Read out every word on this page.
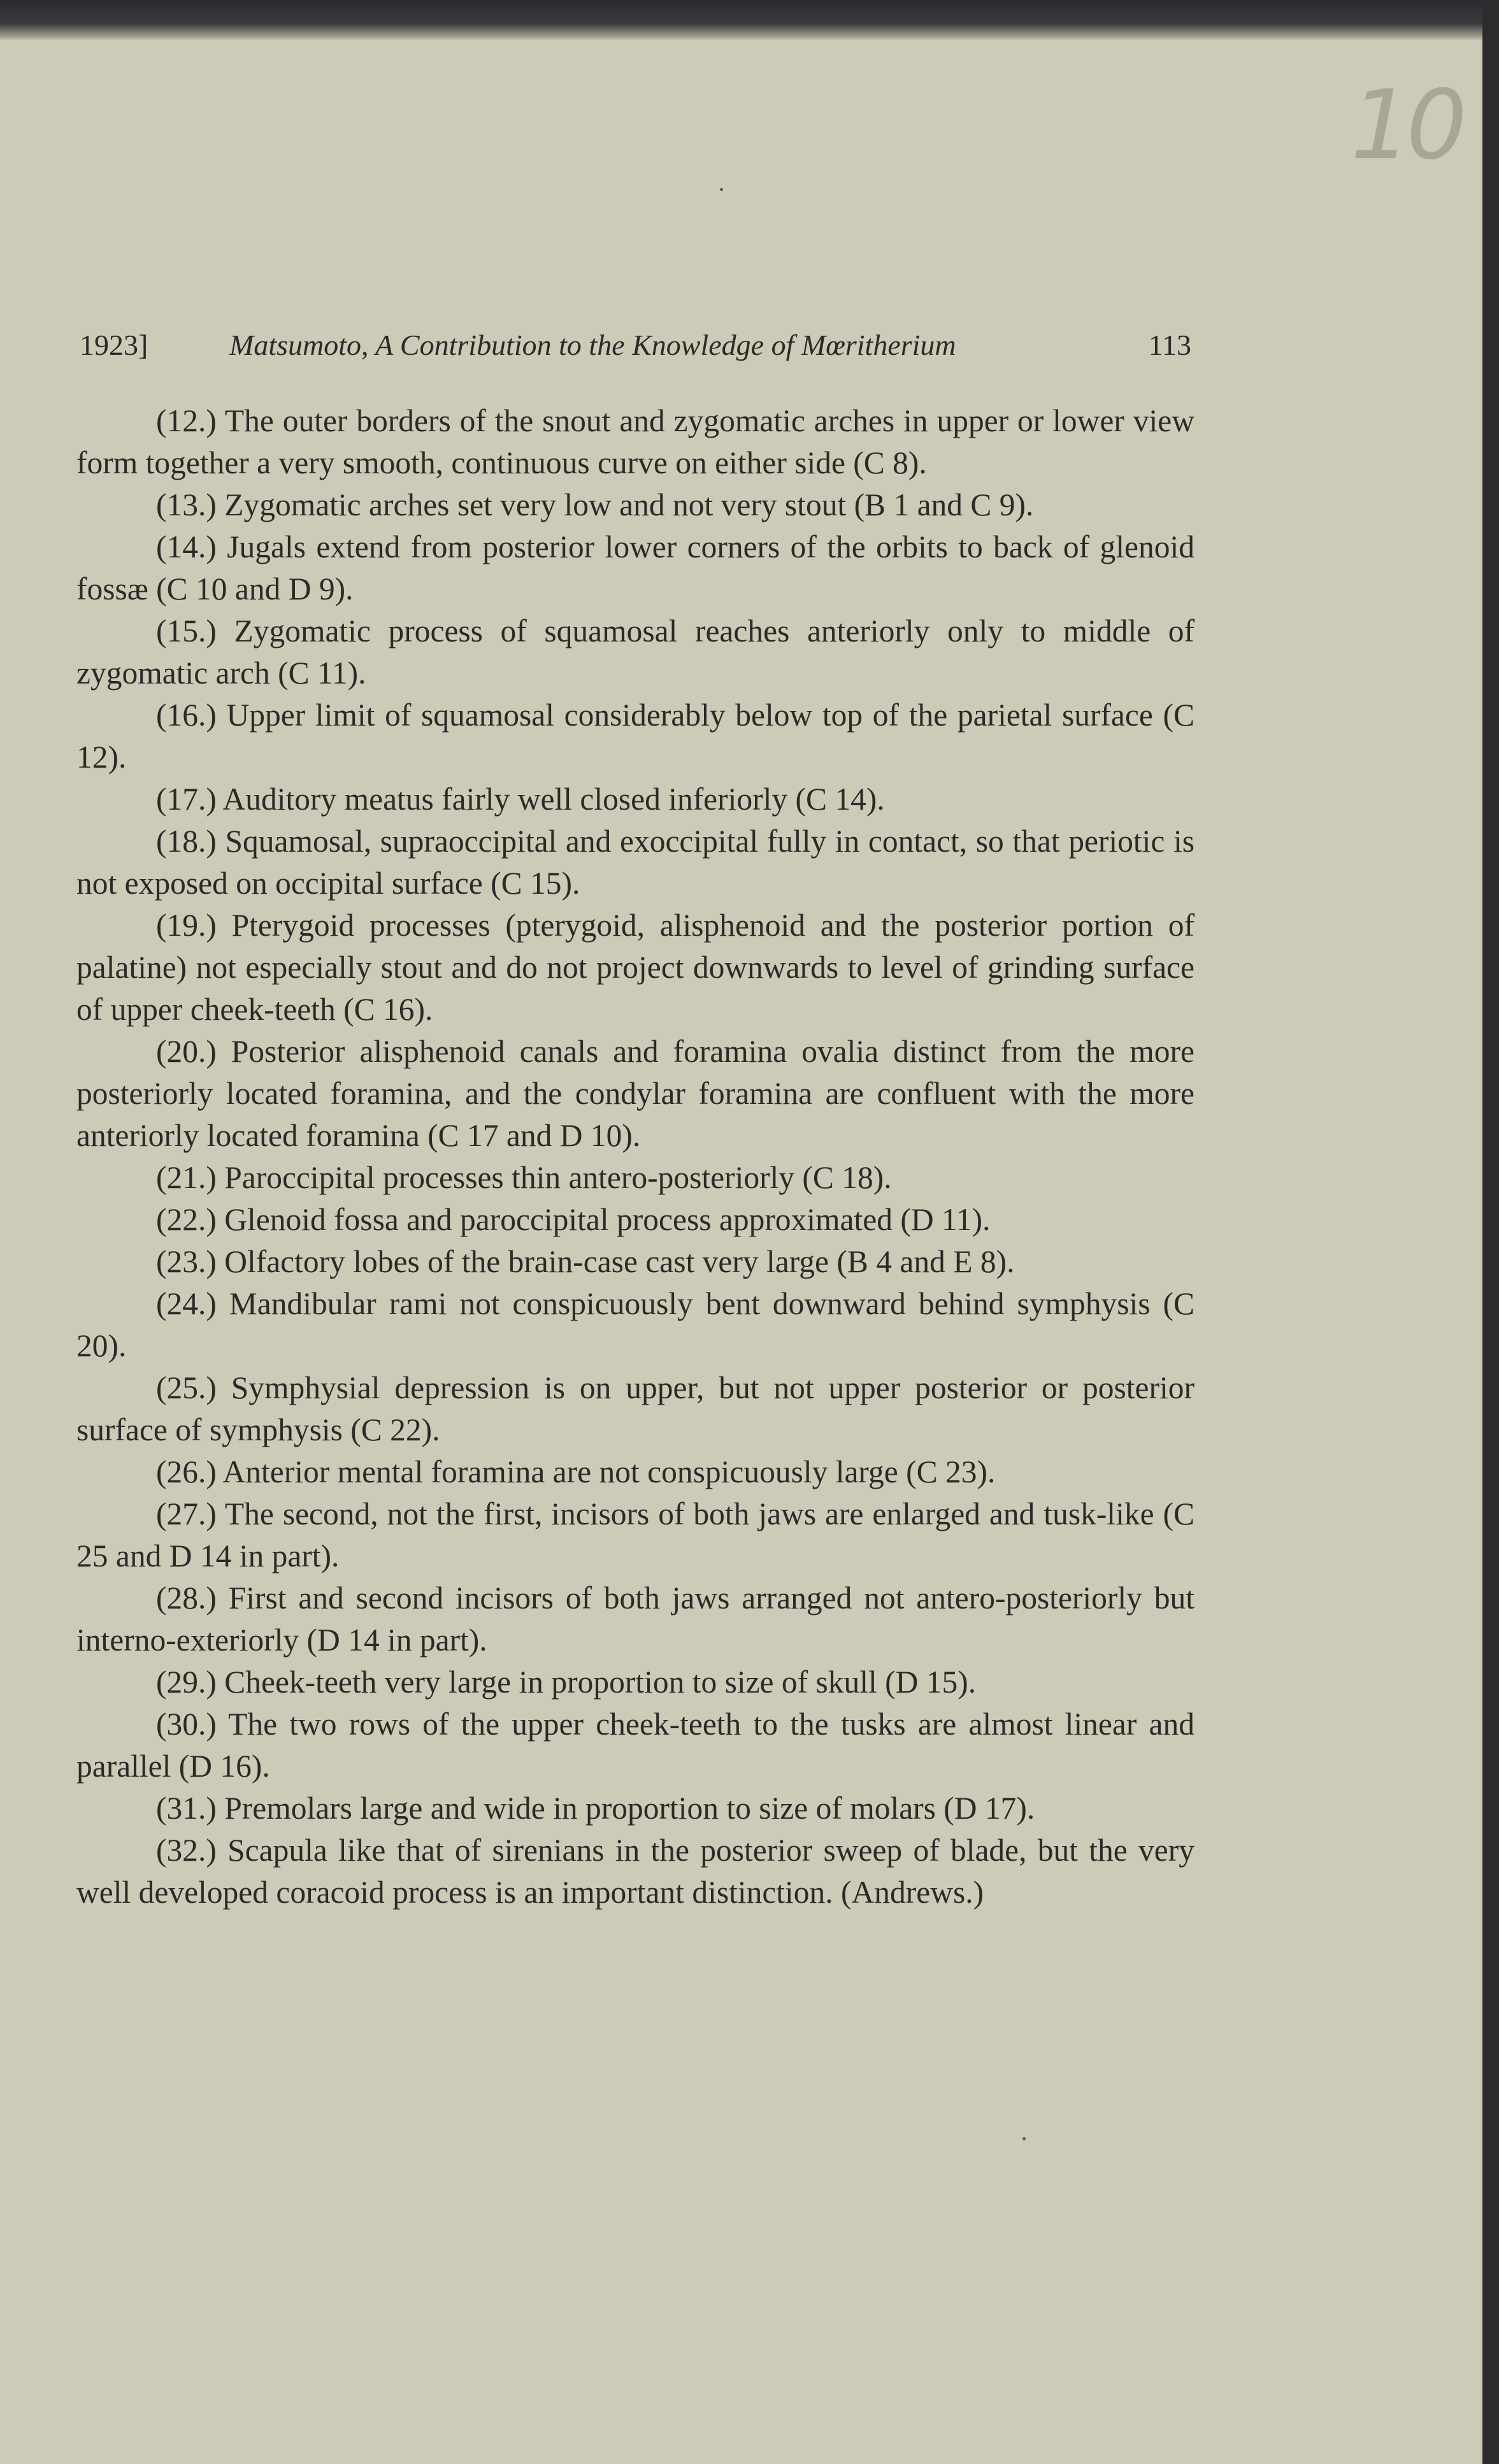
10
1923]	Matsumoto, A Contribution to the Knowledge of Mœritherium	113

(12.) The outer borders of the snout and zygomatic arches in upper or lower view form together a very smooth, continuous curve on either side (C 8).

(13.) Zygomatic arches set very low and not very stout (B 1 and C 9).

(14.) Jugals extend from posterior lower corners of the orbits to back of glenoid fossæ (C 10 and D 9).

(15.) Zygomatic process of squamosal reaches anteriorly only to middle of zygomatic arch (C 11).

(16.) Upper limit of squamosal considerably below top of the parietal surface (C 12).

(17.) Auditory meatus fairly well closed inferiorly (C 14).

(18.) Squamosal, supraoccipital and exoccipital fully in contact, so that periotic is not exposed on occipital surface (C 15).

(19.) Pterygoid processes (pterygoid, alisphenoid and the posterior portion of palatine) not especially stout and do not project downwards to level of grinding surface of upper cheek-teeth (C 16).

(20.) Posterior alisphenoid canals and foramina ovalia distinct from the more posteriorly located foramina, and the condylar foramina are confluent with the more anteriorly located foramina (C 17 and D 10).

(21.) Paroccipital processes thin antero-posteriorly (C 18).

(22.) Glenoid fossa and paroccipital process approximated (D 11).

(23.) Olfactory lobes of the brain-case cast very large (B 4 and E 8).

(24.) Mandibular rami not conspicuously bent downward behind symphysis (C 20).

(25.) Symphysial depression is on upper, but not upper posterior or posterior surface of symphysis (C 22).

(26.) Anterior mental foramina are not conspicuously large (C 23).

(27.) The second, not the first, incisors of both jaws are enlarged and tusk-like (C 25 and D 14 in part).

(28.) First and second incisors of both jaws arranged not antero-posteriorly but interno-exteriorly (D 14 in part).

(29.) Cheek-teeth very large in proportion to size of skull (D 15).

(30.) The two rows of the upper cheek-teeth to the tusks are almost linear and parallel (D 16).

(31.) Premolars large and wide in proportion to size of molars (D 17).

(32.) Scapula like that of sirenians in the posterior sweep of blade, but the very well developed coracoid process is an important distinction. (Andrews.)
